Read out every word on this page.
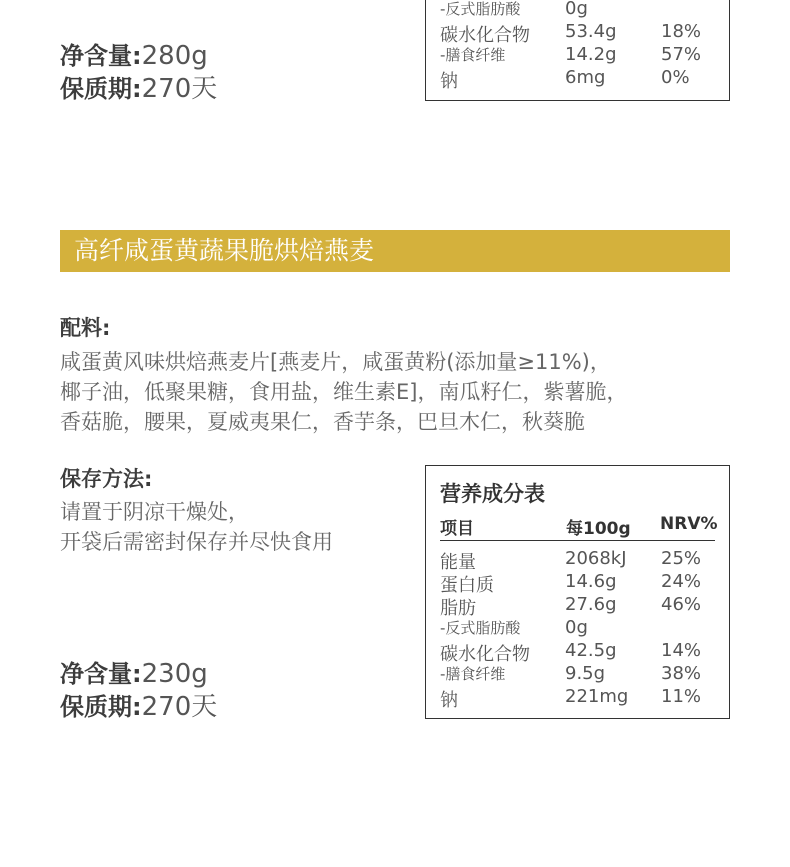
净含量:280g
保质期:270天
-反式脂肪酸 0g
碳水化合物 53.4g 18%
-膳食纤维	14.2g 57%
钠	6mg	0%
高纤咸蛋黄蔬果脆烘焙燕麦
配料:
咸蛋黄风味烘焙燕麦片[燕麦片，咸蛋黄粉(添加量≥11%)，
椰子油，低聚果糖，食用盐，维生素E]，南瓜籽仁，紫薯脆，
香菇脆，腰果，夏威夷果仁，香芋条，巴旦木仁，秋葵脆
保存方法:
请置于阴凉干燥处，
开袋后需密封保存并尽快食用
净含量:230g
保质期:270天
营养成分表
项目	每100g NRV%
能量	2068kJ 25%
蛋白质	14.6g 24%
脂肪	27.6g 46%
-反式脂肪酸 0g
碳水化合物 42.5g 14%
-膳食纤维	9.5g	38%
钠	221mg 11%
